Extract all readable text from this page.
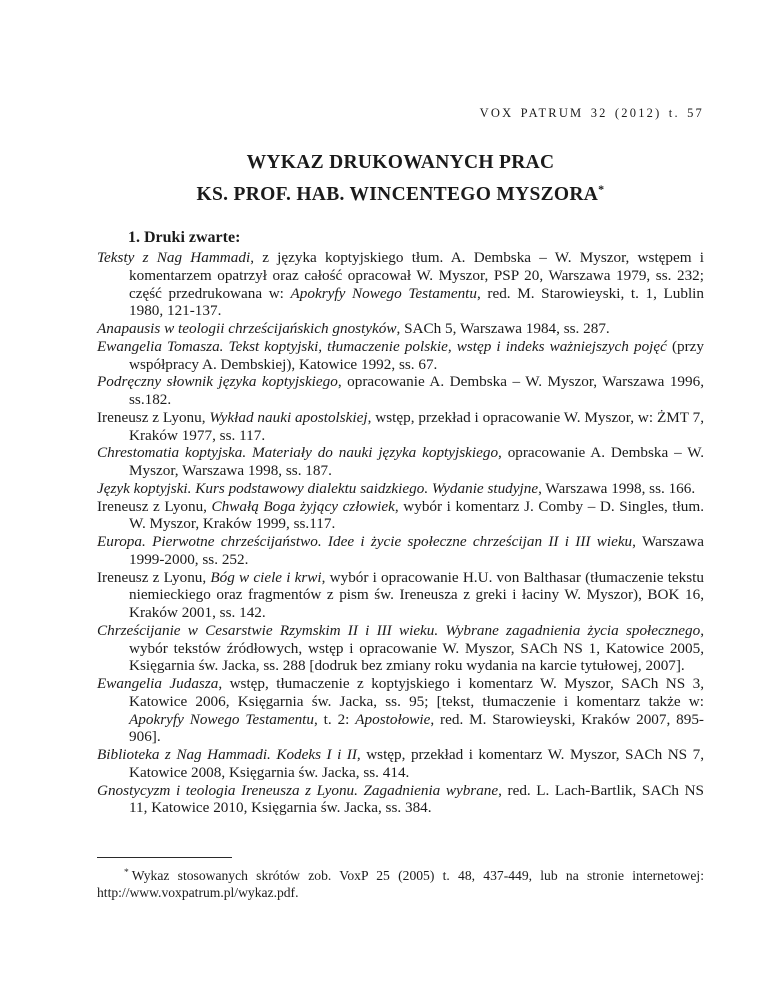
VOX PATRUM 32 (2012) t. 57
WYKAZ DRUKOWANYCH PRAC
KS. PROF. HAB. WINCENTEGO MYSZORA*

1. Druki zwarte:

Teksty z Nag Hammadi, z języka koptyjskiego tłum. A. Dembska – W. Myszor, wstępem i komentarzem opatrzył oraz całość opracował W. Myszor, PSP 20, Warszawa 1979, ss. 232; część przedrukowana w: Apokryfy Nowego Testamentu, red. M. Starowieyski, t. 1, Lublin 1980, 121-137.

Anapausis w teologii chrześcijańskich gnostyków, SACh 5, Warszawa 1984, ss. 287.

Ewangelia Tomasza. Tekst koptyjski, tłumaczenie polskie, wstęp i indeks ważniejszych pojęć (przy współpracy A. Dembskiej), Katowice 1992, ss. 67.

Podręczny słownik języka koptyjskiego, opracowanie A. Dembska – W. Myszor, Warszawa 1996, ss.182.

Ireneusz z Lyonu, Wykład nauki apostolskiej, wstęp, przekład i opracowanie W. Myszor, w: ŻMT 7, Kraków 1977, ss. 117.

Chrestomatia koptyjska. Materiały do nauki języka koptyjskiego, opracowanie A. Dembska – W. Myszor, Warszawa 1998, ss. 187.

Język koptyjski. Kurs podstawowy dialektu saidzkiego. Wydanie studyjne, Warszawa 1998, ss. 166.

Ireneusz z Lyonu, Chwałą Boga żyjący człowiek, wybór i komentarz J. Comby – D. Singles, tłum. W. Myszor, Kraków 1999, ss.117.

Europa. Pierwotne chrześcijaństwo. Idee i życie społeczne chrześcijan II i III wieku, Warszawa 1999-2000, ss. 252.

Ireneusz z Lyonu, Bóg w ciele i krwi, wybór i opracowanie H.U. von Balthasar (tłumaczenie tekstu niemieckiego oraz fragmentów z pism św. Ireneusza z greki i łaciny W. Myszor), BOK 16, Kraków 2001, ss. 142.

Chrześcijanie w Cesarstwie Rzymskim II i III wieku. Wybrane zagadnienia życia społecznego, wybór tekstów źródłowych, wstęp i opracowanie W. Myszor, SACh NS 1, Katowice 2005, Księgarnia św. Jacka, ss. 288 [dodruk bez zmiany roku wydania na karcie tytułowej, 2007].

Ewangelia Judasza, wstęp, tłumaczenie z koptyjskiego i komentarz W. Myszor, SACh NS 3, Katowice 2006, Księgarnia św. Jacka, ss. 95; [tekst, tłumaczenie i komentarz także w: Apokryfy Nowego Testamentu, t. 2: Apostołowie, red. M. Starowieyski, Kraków 2007, 895-906].

Biblioteka z Nag Hammadi. Kodeks I i II, wstęp, przekład i komentarz W. Myszor, SACh NS 7, Katowice 2008, Księgarnia św. Jacka, ss. 414.

Gnostycyzm i teologia Ireneusza z Lyonu. Zagadnienia wybrane, red. L. Lach-Bartlik, SACh NS 11, Katowice 2010, Księgarnia św. Jacka, ss. 384.

* Wykaz stosowanych skrótów zob. VoxP 25 (2005) t. 48, 437-449, lub na stronie internetowej: http://www.voxpatrum.pl/wykaz.pdf.
